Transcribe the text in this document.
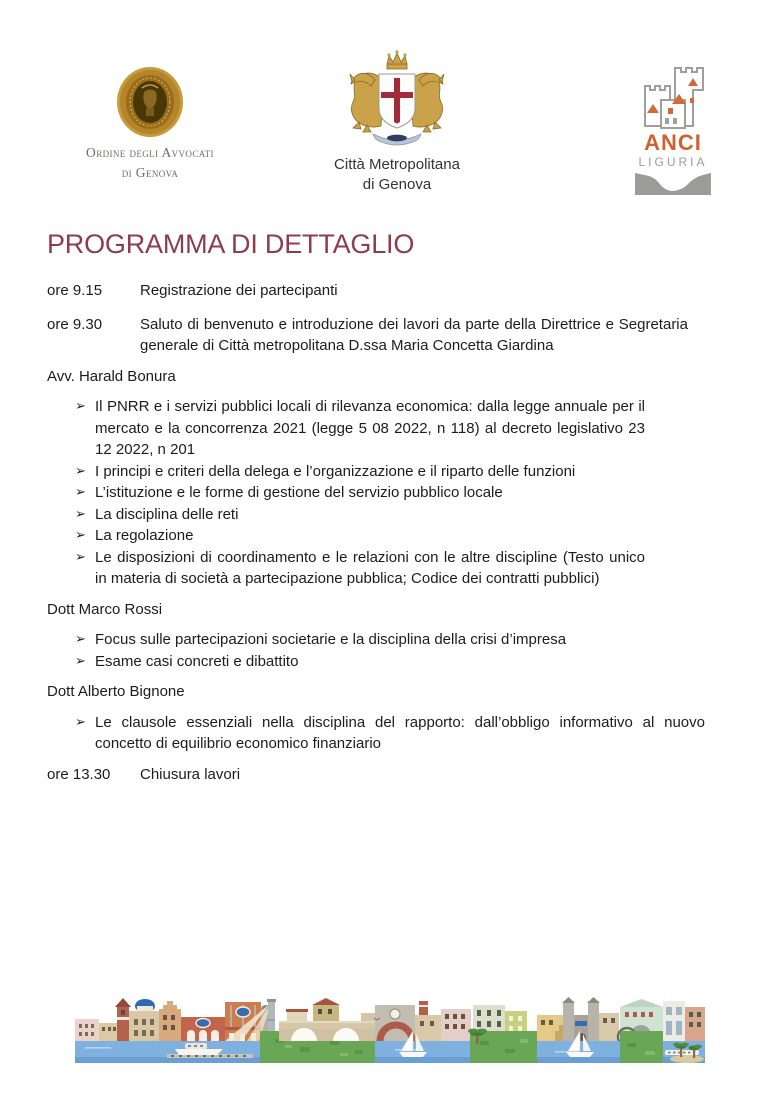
Ordine degli Avvocati
di Genova	Città Metropolitana
di Genova
ANCI
LIGURIA
PROGRAMMA DI DETTAGLIO
ore 9.15	Registrazione dei partecipanti
ore 9.30	Saluto di benvenuto e introduzione dei lavori da parte della Direttrice e Segretaria generale di Città metropolitana D.ssa Maria Concetta Giardina
Avv. Harald Bonura
➢ Il PNRR e i servizi pubblici locali di rilevanza economica: dalla legge annuale per il mercato e la concorrenza 2021 (legge 5 08 2022, n 118) al decreto legislativo 23 12 2022, n 201
➢ I principi e criteri della delega e l’organizzazione e il riparto delle funzioni
➢ L’istituzione e le forme di gestione del servizio pubblico locale
➢ La disciplina delle reti
➢ La regolazione
➢ Le disposizioni di coordinamento e le relazioni con le altre discipline (Testo unico in materia di società a partecipazione pubblica; Codice dei contratti pubblici)
Dott Marco Rossi
➢ Focus sulle partecipazioni societarie e la disciplina della crisi d’impresa
➢ Esame casi concreti e dibattito
Dott Alberto Bignone
➢ Le clausole essenziali nella disciplina del rapporto: dall’obbligo informativo al nuovo concetto di equilibrio economico finanziario
ore 13.30	Chiusura lavori
